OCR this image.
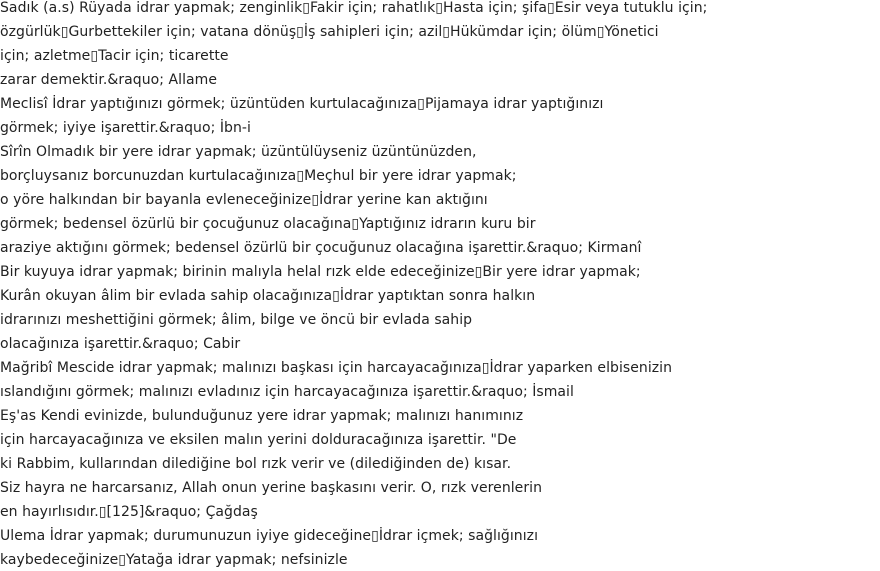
Sadık (a.s) Rüyada idrar yapmak; zenginlik▯Fakir için; rahatlık▯Hasta için; şifa▯Esir veya tutuklu için;
özgürlük▯Gurbettekiler için; vatana dönüş▯İş sahipleri için; azil▯Hükümdar için; ölüm▯Yönetici
için; azletme▯Tacir için; ticarette
zarar demektir.&raquo; Allame
Meclisî İdrar yaptığınızı görmek; üzüntüden kurtulacağınıza▯Pijamaya idrar yaptığınızı
görmek; iyiye işarettir.&raquo; İbn-i
Sîrîn Olmadık bir yere idrar yapmak; üzüntülüyseniz üzüntünüzden,
borçluysanız borcunuzdan kurtulacağınıza▯Meçhul bir yere idrar yapmak;
o yöre halkından bir bayanla evleneceğinize▯İdrar yerine kan aktığını
görmek; bedensel özürlü bir çocuğunuz olacağına▯Yaptığınız idrarın kuru bir
araziye aktığını görmek; bedensel özürlü bir çocuğunuz olacağına işarettir.&raquo; Kirmanî
Bir kuyuya idrar yapmak; birinin malıyla helal rızk elde edeceğinize▯Bir yere idrar yapmak;
Kurân okuyan âlim bir evlada sahip olacağınıza▯İdrar yaptıktan sonra halkın
idrarınızı meshettiğini görmek; âlim, bilge ve öncü bir evlada sahip
olacağınıza işarettir.&raquo; Cabir
Mağribî Mescide idrar yapmak; malınızı başkası için harcayacağınıza▯İdrar yaparken elbisenizin
ıslandığını görmek; malınızı evladınız için harcayacağınıza işarettir.&raquo; İsmail
Eş'as Kendi evinizde, bulunduğunuz yere idrar yapmak; malınızı hanımınız
için harcayacağınıza ve eksilen malın yerini dolduracağınıza işarettir. "De
ki Rabbim, kullarından dilediğine bol rızk verir ve (dilediğinden de) kısar.
Siz hayra ne harcarsanız, Allah onun yerine başkasını verir. O, rızk verenlerin
en hayırlısıdır.▯[125]&raquo; Çağdaş
Ulema İdrar yapmak; durumunuzun iyiye gideceğine▯İdrar içmek; sağlığınızı
kaybedeceğinize▯Yatağa idrar yapmak; nefsinizle
